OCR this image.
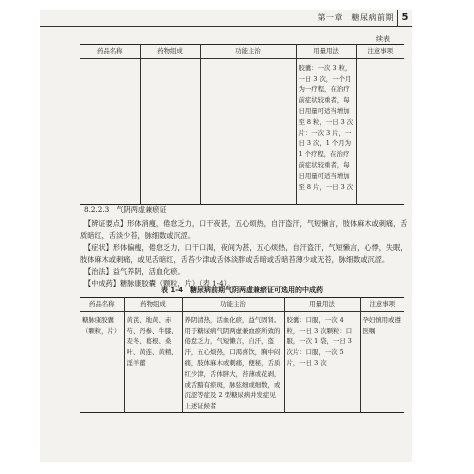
第一章　糖尿病前期 5
续表
药品名称	药物组成	功能主治	用量用法	注意事项
			胶囊：一次 3 粒，一日 3 次，一个月为一疗程，在治疗前症状较重者，每日用量可适当增加至 8 粒，一日 3 次片：一次 3 片，一日 3 次，1 个月为 1 个疗程，在治疗前症状较重者，每日用量可适当增加至 8 片，一日 3 次	
8.2.2.3　气阴两虚兼瘀证

【辨证要点】形体消瘦，倦怠乏力，口干夜甚，五心烦热，自汗盗汗，气短懒言，肢体麻木或刺痛，舌质暗红，舌淡少苔，脉细数或沉涩。

【症状】形体偏瘦，倦怠乏力，口干口渴，夜间为甚，五心烦热，自汗盗汗，气短懒言，心悸，失眠，肢体麻木或刺痛，或见舌暗红，舌苔少津或舌体淡胖或舌暗或舌暗苔薄少或无苔，脉细数或沉涩。

【治法】益气养阴，活血化瘀。

【中成药】糖脉康胶囊（颗粒，片）（表 1-4）。

表 1-4　糖尿病前期气阴两虚兼瘀证可选用的中成药
药品名称	药物组成	功能主治	用量用法	注意事项
糖脉康胶囊（颗粒，片）	黄芪、地黄、赤芍、丹参、牛膝、麦冬、葛根、桑叶、黄连、黄精、淫羊藿	养阴清热，活血化瘀，益气固肾。用于糖尿病气阴两虚兼血瘀所致的倦怠乏力，气短懒言，自汗，盗汗，五心烦热，口渴喜饮，胸中闷痛，肢体麻木或刺痛，便秘，舌质红少津，舌体胖大，苔薄或花剥，或舌黯有瘀斑，脉弦细或细数，或沉涩等症及 2 型糖尿病并发症见上述证候者	胶囊：口服，一次 4 粒，一日 3 次颗粒：口服，一次 1 袋，一日 3 次片：口服，一次 5 片，一日 3 次	孕妇慎用或遵医嘱
